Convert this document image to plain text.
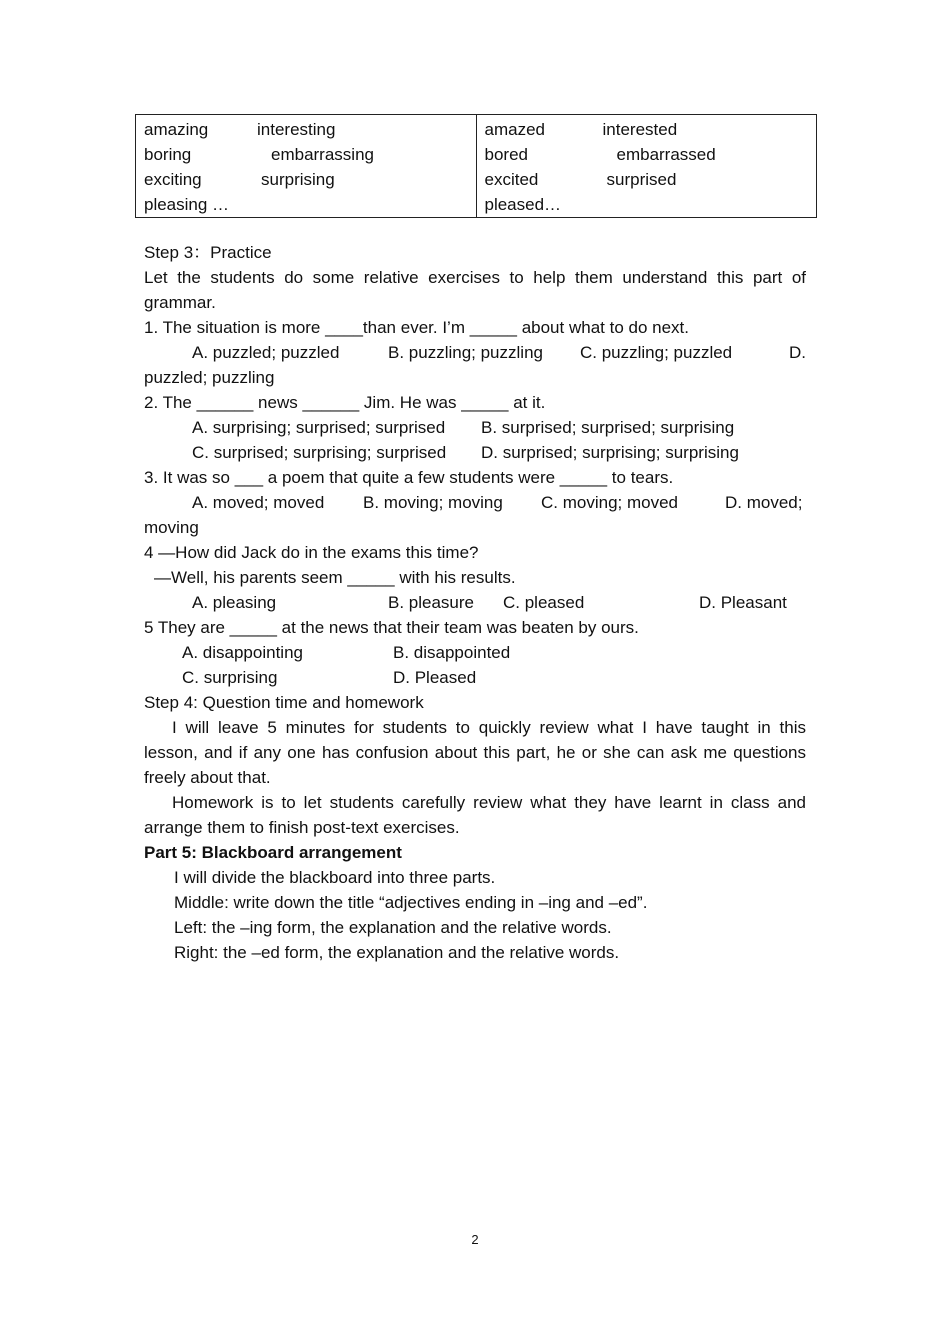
amazing	interesting
boring	embarrassing
exciting	surprising
pleasing …

amazed	interested
bored	embarrassed
excited	surprised
pleased…
Step 3：Practice
Let the students do some relative exercises to help them understand this part of
grammar.
1. The situation is more ____than ever. I’m _____ about what to do next.
A. puzzled; puzzled	B. puzzling; puzzling C. puzzling; puzzled	D.
puzzled; puzzling
2. The ______ news ______ Jim. He was _____ at it.
A. surprising; surprised; surprised B. surprised; surprised; surprising
C. surprised; surprising; surprised D. surprised; surprising; surprising
3. It was so ___ a poem that quite a few students were _____ to tears.
A. moved; moved B. moving; moving C. moving; moved	D. moved;
moving
4 —How did Jack do in the exams this time?
—Well, his parents seem _____ with his results.
A. pleasing	B. pleasure C. pleased	D. Pleasant
5 They are _____ at the news that their team was beaten by ours.
A. disappointing	B. disappointed
C. surprising	D. Pleased
Step 4: Question time and homework
I will leave 5 minutes for students to quickly review what I have taught in this
lesson, and if any one has confusion about this part, he or she can ask me questions
freely about that.
Homework is to let students carefully review what they have learnt in class and
arrange them to finish post-text exercises.
Part 5: Blackboard arrangement
I will divide the blackboard into three parts.
Middle: write down the title “adjectives ending in –ing and –ed”.
Left: the –ing form, the explanation and the relative words.
Right: the –ed form, the explanation and the relative words.
2
